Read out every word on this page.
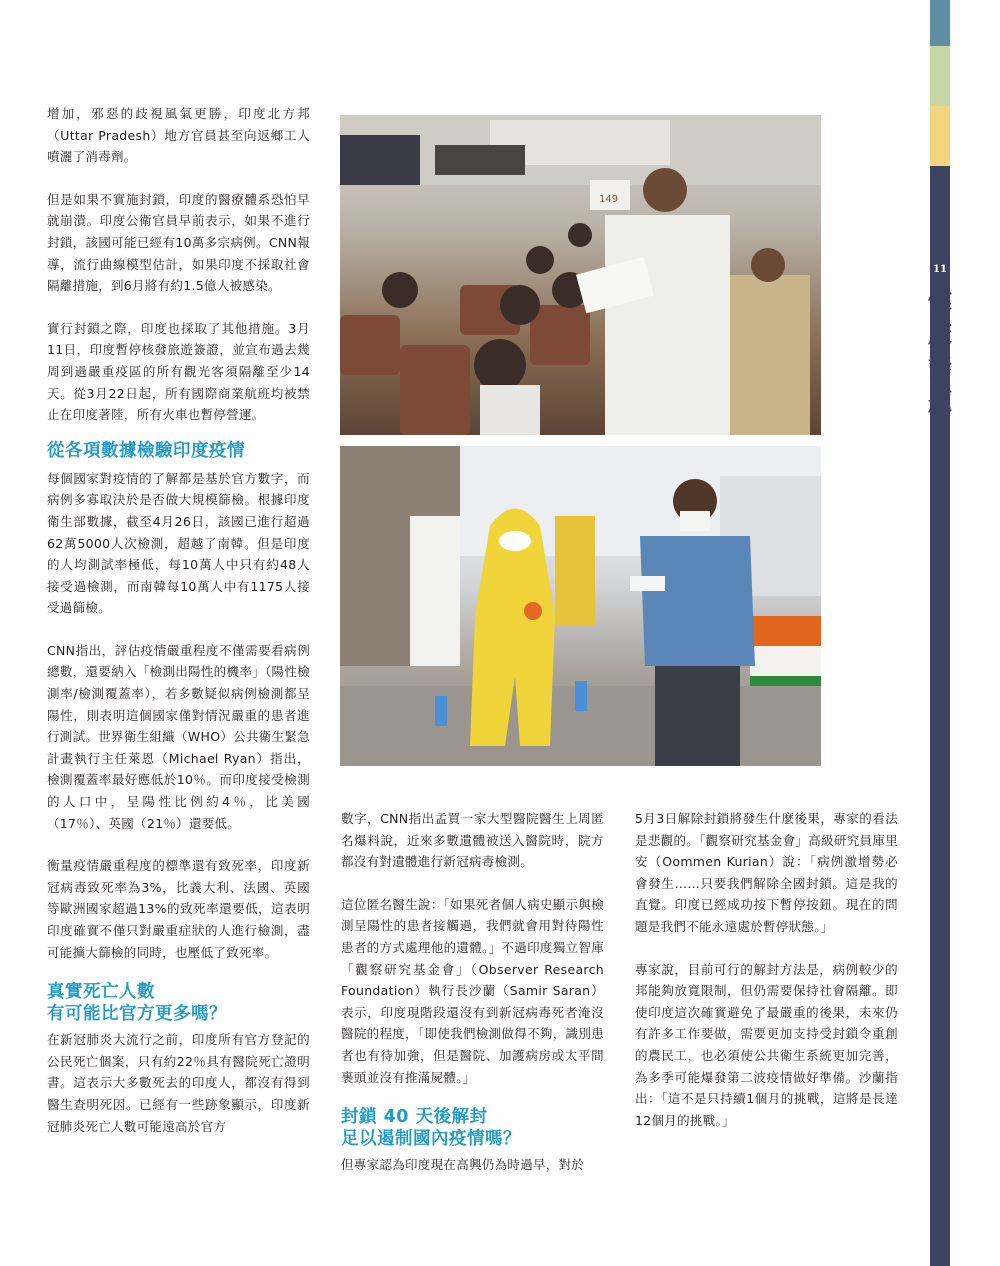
11
健
康
話
題

增加，邪惡的歧視風氣更勝，印度北方邦（Uttar Pradesh）地方官員甚至向返鄉工人噴灑了消毒劑。

但是如果不實施封鎖，印度的醫療體系恐怕早就崩潰。印度公衛官員早前表示，如果不進行封鎖，該國可能已經有10萬多宗病例。CNN報導，流行曲線模型估計，如果印度不採取社會隔離措施，到6月將有約1.5億人被感染。

實行封鎖之際，印度也採取了其他措施。3月11日，印度暫停核發旅遊簽證，並宣布過去幾周到過嚴重疫區的所有觀光客須隔離至少14天。從3月22日起，所有國際商業航班均被禁止在印度著陸，所有火車也暫停營運。

從各項數據檢驗印度疫情

每個國家對疫情的了解都是基於官方數字，而病例多寡取決於是否做大規模篩檢。根據印度衛生部數據，截至4月26日，該國已進行超過62萬5000人次檢測，超越了南韓。但是印度的人均測試率極低，每10萬人中只有約48人接受過檢測，而南韓每10萬人中有1175人接受過篩檢。

CNN指出，評估疫情嚴重程度不僅需要看病例總數，還要納入「檢測出陽性的機率」（陽性檢測率/檢測覆蓋率），若多數疑似病例檢測都呈陽性，則表明這個國家僅對情況嚴重的患者進行測試。世界衛生組織（WHO）公共衛生緊急計畫執行主任萊恩（Michael Ryan）指出，檢測覆蓋率最好應低於10％。而印度接受檢測的人口中，呈陽性比例約4％，比美國（17％）、英國（21％）還要低。

衡量疫情嚴重程度的標準還有致死率，印度新冠病毒致死率為3%，比義大利、法國、英國等歐洲國家超過13%的致死率還要低，這表明印度確實不僅只對嚴重症狀的人進行檢測，盡可能擴大篩檢的同時，也壓低了致死率。

真實死亡人數
有可能比官方更多嗎？

在新冠肺炎大流行之前，印度所有官方登記的公民死亡個案，只有約22％具有醫院死亡證明書。這表示大多數死去的印度人，都沒有得到醫生查明死因。已經有一些跡象顯示，印度新冠肺炎死亡人數可能遠高於官方

149

數字，CNN指出孟買一家大型醫院醫生上周匿名爆料說，近來多數遺體被送入醫院時，院方都沒有對遺體進行新冠病毒檢測。

這位匿名醫生說：「如果死者個人病史顯示與檢測呈陽性的患者接觸過，我們就會用對待陽性患者的方式處理他的遺體。」不過印度獨立智庫「觀察研究基金會」（Observer Research Foundation）執行長沙蘭（Samir Saran）表示，印度現階段還沒有到新冠病毒死者淹沒醫院的程度，「即使我們檢測做得不夠，識別患者也有待加強，但是醫院、加護病房或太平間裹頭並沒有推滿屍體。」

封鎖 40 天後解封
足以遏制國內疫情嗎？

但專家認為印度現在高興仍為時過早，對於

5月3日解除封鎖將發生什麼後果，專家的看法是悲觀的。「觀察研究基金會」高級研究員庫里安（Oommen Kurian）說：「病例激增勢必會發生……只要我們解除全國封鎖。這是我的直覺。印度已經成功按下暫停按鈕。現在的問題是我們不能永遠處於暫停狀態。」

專家說，目前可行的解封方法是，病例較少的邦能夠放寬限制，但仍需要保持社會隔離。即使印度這次確實避免了最嚴重的後果，未來仍有許多工作要做，需要更加支持受封鎖令重創的農民工，也必須使公共衛生系統更加完善，為多季可能爆發第二波疫情做好準備。沙蘭指出：「這不是只持續1個月的挑戰，這將是長達12個月的挑戰。」
